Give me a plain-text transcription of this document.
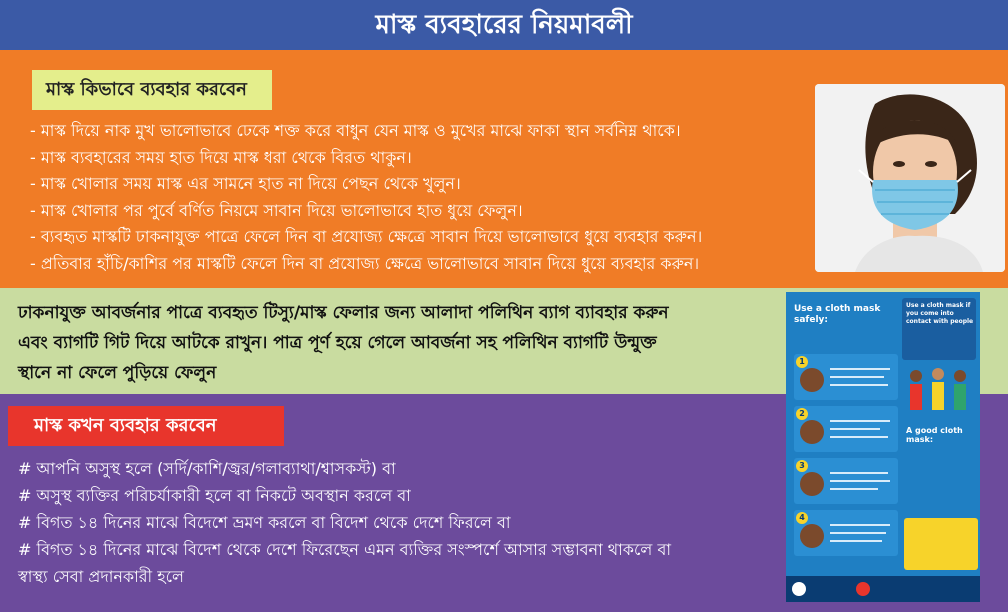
মাস্ক ব্যবহারের নিয়মাবলী
মাস্ক কিভাবে ব্যবহার করবেন
- মাস্ক দিয়ে নাক মুখ ভালোভাবে ঢেকে শক্ত করে বাধুন যেন মাস্ক ও মুখের মাঝে ফাকা স্থান সর্বনিম্ন থাকে।
- মাস্ক ব্যবহারের সময় হাত দিয়ে মাস্ক ধরা থেকে বিরত থাকুন।
- মাস্ক খোলার সময় মাস্ক এর সামনে হাত না দিয়ে পেছন থেকে খুলুন।
- মাস্ক খোলার পর পুর্বে বর্ণিত নিয়মে সাবান দিয়ে ভালোভাবে হাত ধুয়ে ফেলুন।
- ব্যবহৃত মাস্কটি ঢাকনাযুক্ত পাত্রে ফেলে দিন বা প্রযোজ্য ক্ষেত্রে সাবান দিয়ে ভালোভাবে ধুয়ে ব্যবহার করুন।
- প্রতিবার হাঁচি/কাশির পর মাস্কটি ফেলে দিন বা প্রযোজ্য ক্ষেত্রে ভালোভাবে সাবান দিয়ে ধুয়ে ব্যবহার করুন।
ঢাকনাযুক্ত আবর্জনার পাত্রে ব্যবহৃত টিস্যু/মাস্ক ফেলার জন্য আলাদা পলিথিন ব্যাগ ব্যাবহার করুন
এবং ব্যাগটি গিট দিয়ে আটকে রাখুন। পাত্র পূর্ণ হয়ে গেলে আবর্জনা সহ পলিথিন ব্যাগটি উন্মুক্ত
স্থানে না ফেলে পুড়িয়ে ফেলুন
মাস্ক কখন ব্যবহার করবেন
# আপনি অসুস্থ হলে (সর্দি/কাশি/জ্বর/গলাব্যাথা/শ্বাসকস্ট) বা
# অসুস্থ ব্যক্তির পরিচর্যাকারী হলে বা নিকটে অবস্থান করলে বা
# বিগত ১৪ দিনের মাঝে বিদেশে ভ্রমণ করলে বা বিদেশ থেকে দেশে ফিরলে বা
# বিগত ১৪ দিনের মাঝে বিদেশ থেকে দেশে ফিরেছেন এমন ব্যক্তির সংস্পর্শে আসার সম্ভাবনা থাকলে বা
স্বাস্থ্য সেবা প্রদানকারী হলে
Use a cloth mask safely:
Use a cloth mask if you come into contact with people
1
2
3
4
A good cloth mask:
